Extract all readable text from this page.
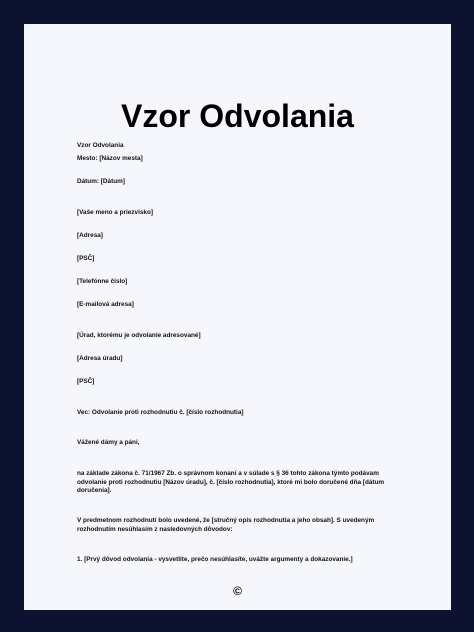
Vzor Odvolania
Vzor Odvolania
Mesto: [Názov mesta]
Dátum: [Dátum]
[Vaše meno a priezvisko]
[Adresa]
[PSČ]
[Telefónne číslo]
[E-mailová adresa]
[Úrad, ktorému je odvolanie adresované]
[Adresa úradu]
[PSČ]
Vec: Odvolanie proti rozhodnutiu č. [číslo rozhodnutia]
Vážené dámy a páni,
na základe zákona č. 71/1967 Zb. o správnom konaní a v súlade s § 36 tohto zákona týmto podávam odvolanie proti rozhodnutiu [Názov úradu], č. [číslo rozhodnutia], ktoré mi bolo doručené dňa [dátum doručenia].
V predmetnom rozhodnutí bolo uvedené, že [stručný opis rozhodnutia a jeho obsah]. S uvedeným rozhodnutím nesúhlasím z nasledovných dôvodov:
1. [Prvý dôvod odvolania - vysvetlite, prečo nesúhlasíte, uvážte argumenty a dokazovanie.]
©
